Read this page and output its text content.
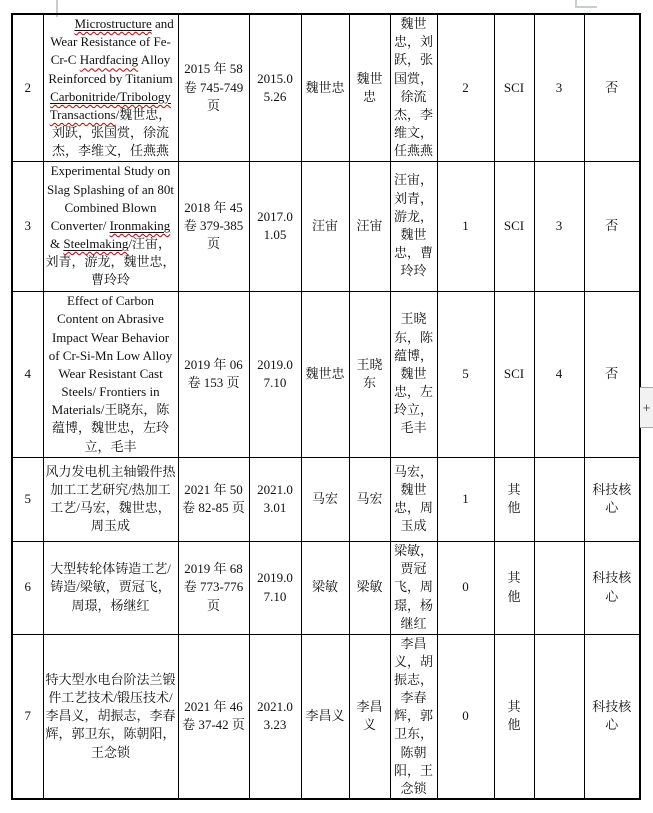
2	Microstructure and Wear Resistance of Fe-Cr-C Hardfacing Alloy Reinforced by Titanium Carbonitride/Tribology Transactions/魏世忠，刘跃，张国赏，徐流杰，李维文，任燕燕	2015 年 58 卷 745-749 页	2015.05.26	魏世忠	魏世忠	魏世忠，刘跃，张国赏，徐流杰，李维文，任燕燕	2	SCI	3	否
3	Experimental Study on Slag Splashing of an 80t Combined Blown Converter/ Ironmaking & Steelmaking/汪宙，刘青，游龙，魏世忠，曹玲玲	2018 年 45 卷 379-385 页	2017.01.05	汪宙	汪宙	汪宙，刘青，游龙，魏世忠，曹玲玲	1	SCI	3	否
4	Effect of Carbon Content on Abrasive Impact Wear Behavior of Cr-Si-Mn Low Alloy Wear Resistant Cast Steels/ Frontiers in Materials/王晓东，陈蕴博，魏世忠，左玲立，毛丰	2019 年 06 卷 153 页	2019.07.10	魏世忠	王晓东	王晓东，陈蕴博，魏世忠，左玲立，毛丰	5	SCI	4	否
5	风力发电机主轴锻件热加工工艺研究/热加工工艺/马宏，魏世忠，周玉成	2021 年 50 卷 82-85 页	2021.03.01	马宏	马宏	马宏，魏世忠，周玉成	1	其他		科技核心
6	大型转轮体铸造工艺/铸造/梁敏，贾冠飞，周璟，杨继红	2019 年 68 卷 773-776 页	2019.07.10	梁敏	梁敏	梁敏，贾冠飞，周璟，杨继红	0	其他		科技核心
7	特大型水电台阶法兰锻件工艺技术/锻压技术/李昌义，胡振志，李春辉，郭卫东，陈朝阳，王念锁	2021 年 46 卷 37-42 页	2021.03.23	李昌义	李昌义	李昌义，胡振志，李春辉，郭卫东，陈朝阳，王念锁	0	其他		科技核心
+
